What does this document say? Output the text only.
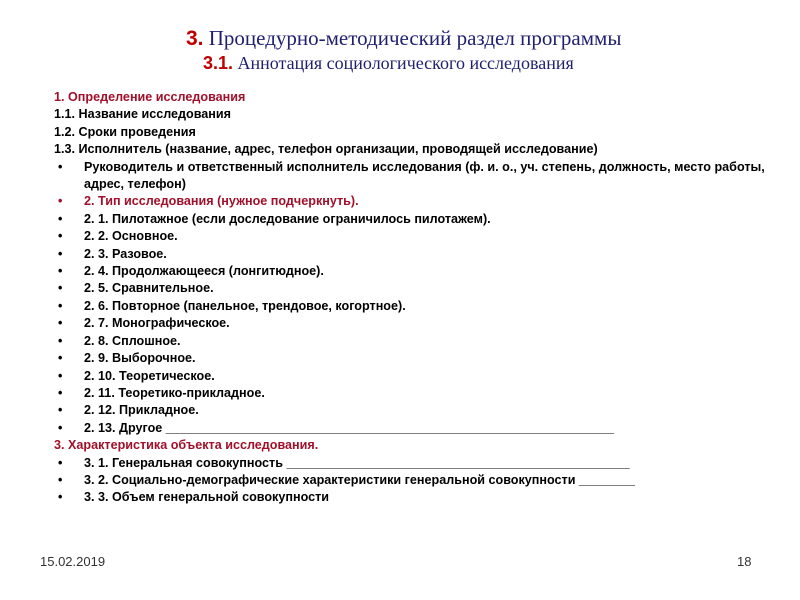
3. Процедурно-методический раздел программы
3.1. Аннотация социологического исследования
1. Определение исследования
1.1. Название исследования
1.2. Сроки проведения
1.3. Исполнитель (название, адрес, телефон организации, проводящей исследование)
• Руководитель и ответственный исполнитель исследования (ф. и. о., уч. степень, должность, место работы, адрес, телефон)
• 2. Тип исследования (нужное подчеркнуть).
• 2. 1. Пилотажное (если доследование ограничилось пилотажем).
• 2. 2. Основное.
• 2. 3. Разовое.
• 2. 4. Продолжающееся (лонгитюдное).
• 2. 5. Сравнительное.
• 2. 6. Повторное (панельное, трендовое, когортное).
• 2. 7. Монографическое.
• 2. 8. Сплошное.
• 2. 9. Выборочное.
• 2. 10. Теоретическое.
• 2. 11. Теоретико-прикладное.
• 2. 12. Прикладное.
• 2. 13. Другое ________________________________________________________________
3. Характеристика объекта исследования.
• 3. 1. Генеральная совокупность _________________________________________________
• 3. 2. Социально-демографические характеристики генеральной совокупности ________
• 3. 3. Объем генеральной совокупности
15.02.2019	18
